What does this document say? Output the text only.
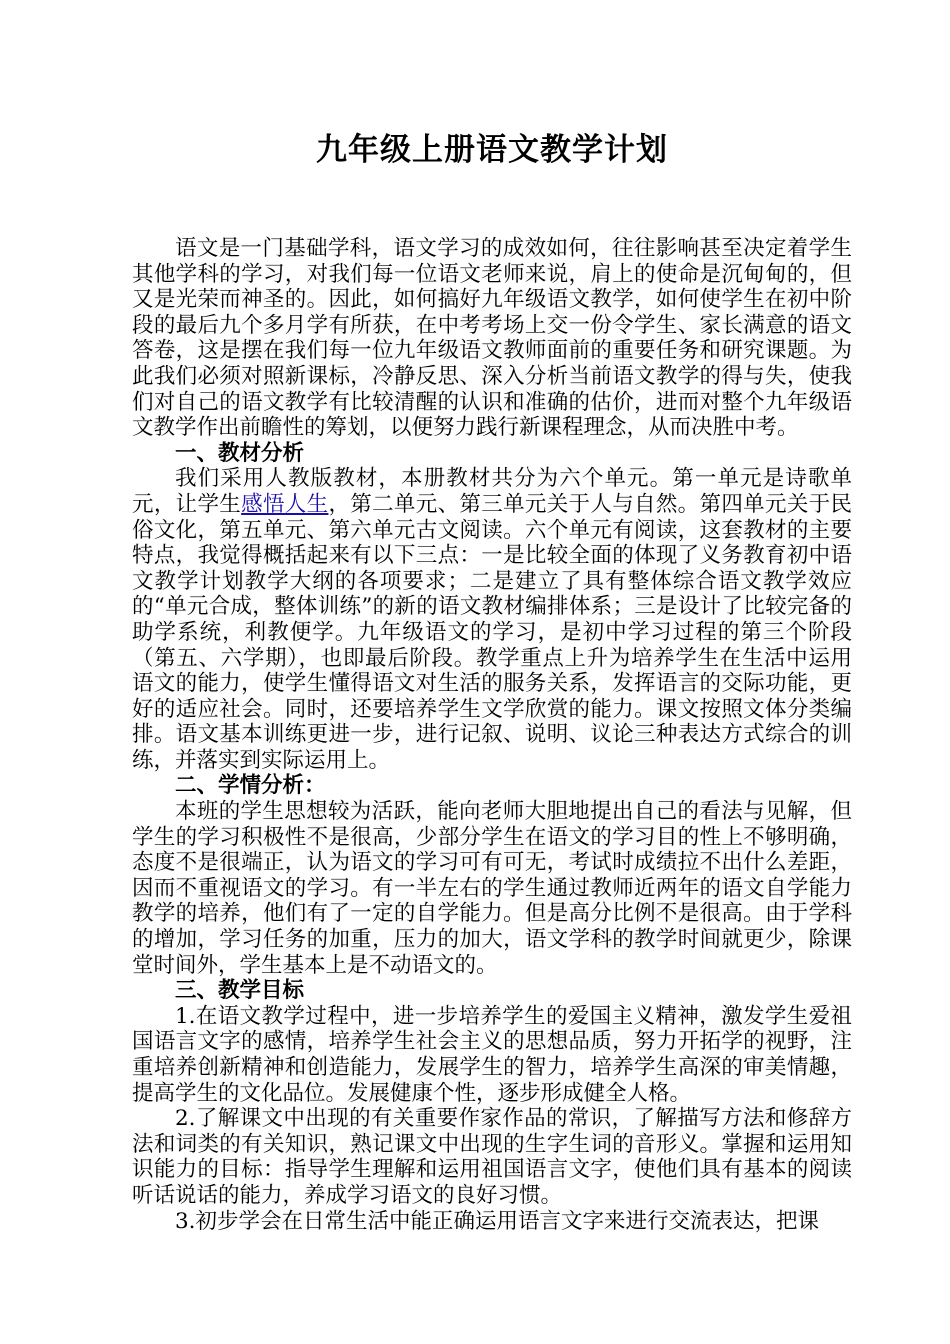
九年级上册语文教学计划

语文是一门基础学科，语文学习的成效如何，往往影响甚至决定着学生其他学科的学习，对我们每一位语文老师来说，肩上的使命是沉甸甸的，但又是光荣而神圣的。因此，如何搞好九年级语文教学，如何使学生在初中阶段的最后九个多月学有所获，在中考考场上交一份令学生、家长满意的语文答卷，这是摆在我们每一位九年级语文教师面前的重要任务和研究课题。为此我们必须对照新课标，冷静反思、深入分析当前语文教学的得与失，使我们对自己的语文教学有比较清醒的认识和准确的估价，进而对整个九年级语文教学作出前瞻性的筹划，以便努力践行新课程理念，从而决胜中考。

一、教材分析

我们采用人教版教材，本册教材共分为六个单元。第一单元是诗歌单元，让学生感悟人生，第二单元、第三单元关于人与自然。第四单元关于民俗文化，第五单元、第六单元古文阅读。六个单元有阅读，这套教材的主要特点，我觉得概括起来有以下三点：一是比较全面的体现了义务教育初中语文教学计划教学大纲的各项要求；二是建立了具有整体综合语文教学效应的“单元合成，整体训练”的新的语文教材编排体系；三是设计了比较完备的助学系统，利教便学。九年级语文的学习，是初中学习过程的第三个阶段（第五、六学期），也即最后阶段。教学重点上升为培养学生在生活中运用语文的能力，使学生懂得语文对生活的服务关系，发挥语言的交际功能，更好的适应社会。同时，还要培养学生文学欣赏的能力。课文按照文体分类编排。语文基本训练更进一步，进行记叙、说明、议论三种表达方式综合的训练，并落实到实际运用上。

二、学情分析：

本班的学生思想较为活跃，能向老师大胆地提出自己的看法与见解，但学生的学习积极性不是很高，少部分学生在语文的学习目的性上不够明确，态度不是很端正，认为语文的学习可有可无，考试时成绩拉不出什么差距，因而不重视语文的学习。有一半左右的学生通过教师近两年的语文自学能力教学的培养，他们有了一定的自学能力。但是高分比例不是很高。由于学科的增加，学习任务的加重，压力的加大，语文学科的教学时间就更少，除课堂时间外，学生基本上是不动语文的。

三、教学目标

1.在语文教学过程中，进一步培养学生的爱国主义精神，激发学生爱祖国语言文字的感情，培养学生社会主义的思想品质，努力开拓学的视野，注重培养创新精神和创造能力，发展学生的智力，培养学生高深的审美情趣，提高学生的文化品位。发展健康个性，逐步形成健全人格。

2.了解课文中出现的有关重要作家作品的常识，了解描写方法和修辞方法和词类的有关知识，熟记课文中出现的生字生词的音形义。掌握和运用知识能力的目标：指导学生理解和运用祖国语言文字，使他们具有基本的阅读听话说话的能力，养成学习语文的良好习惯。

3.初步学会在日常生活中能正确运用语言文字来进行交流表达，把课
